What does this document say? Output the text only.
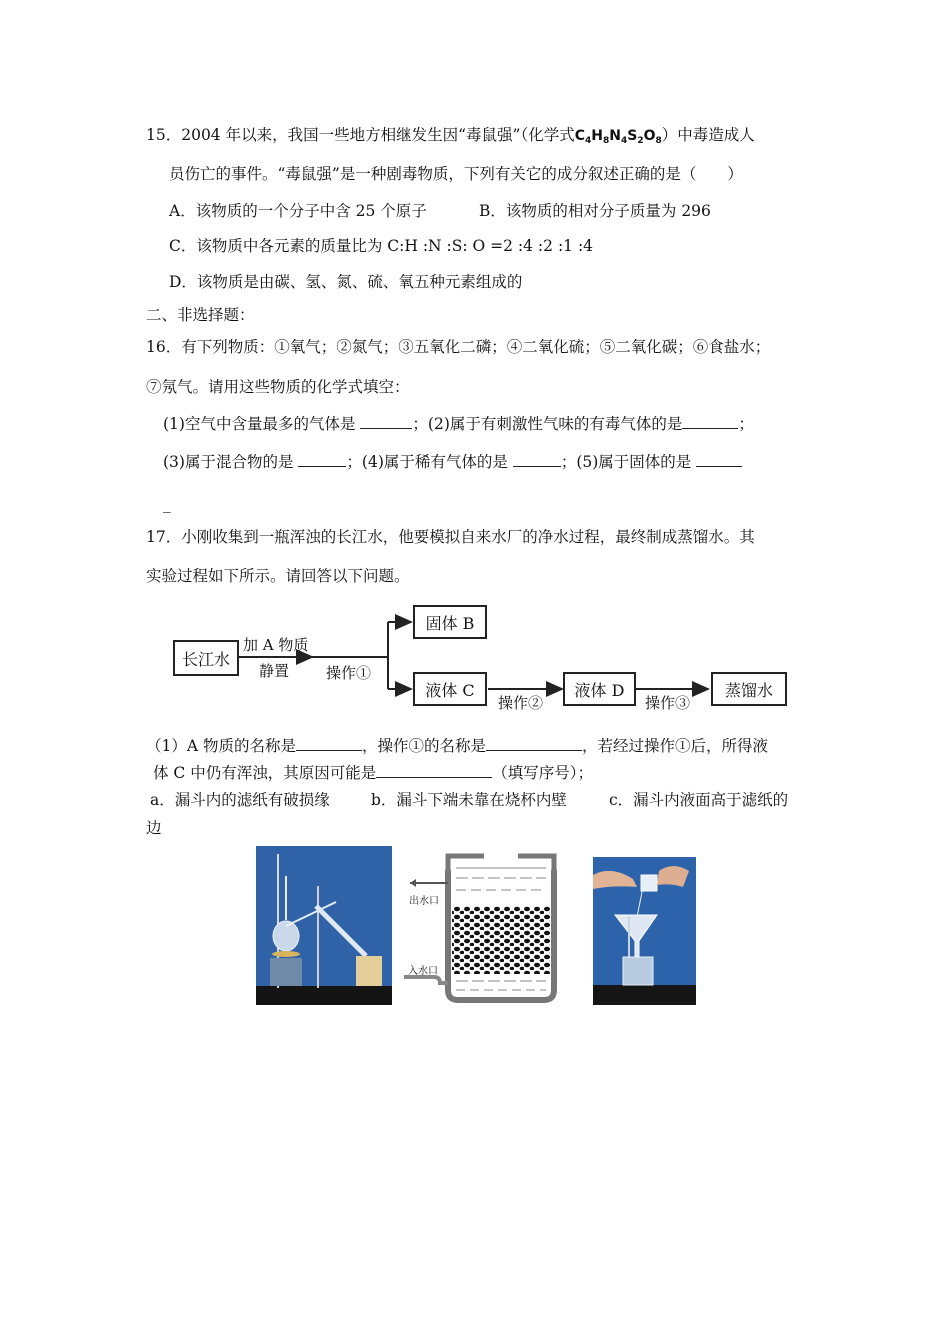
15．2004 年以来，我国一些地方相继发生因“毒鼠强”（化学式$C_4H_8N_4S_2O_8$）中毒造成人
员伤亡的事件。“毒鼠强”是一种剧毒物质，下列有关它的成分叙述正确的是（　　）
A．该物质的一个分子中含 25 个原子	B．该物质的相对分子质量为 296
C．该物质中各元素的质量比为 C:H :N :S: O =2 :4 :2 :1 :4
D．该物质是由碳、氢、氮、硫、氧五种元素组成的
二、非选择题：
16．有下列物质：①氧气；②氮气；③五氧化二磷；④二氧化硫；⑤二氧化碳；⑥食盐水；
⑦氖气。请用这些物质的化学式填空：
(1)空气中含量最多的气体是	；(2)属于有刺激性气味的有毒气体的是	；
(3)属于混合物的是	；(4)属于稀有气体的是	；(5)属于固体的是
_
17．小刚收集到一瓶浑浊的长江水，他要模拟自来水厂的净水过程，最终制成蒸馏水。其
实验过程如下所示。请回答以下问题。
长江水
加 A 物质
静置 操作①
固体 B
液体 C
操作②
液体 D
操作③
蒸馏水
（1）A 物质的名称是	，操作①的名称是	，若经过操作①后，所得液
体 C 中仍有浑浊，其原因可能是	（填写序号）；
a．漏斗内的滤纸有破损缘	b．漏斗下端未靠在烧杯内壁	c．漏斗内液面高于滤纸的
边
出水口
入水口
